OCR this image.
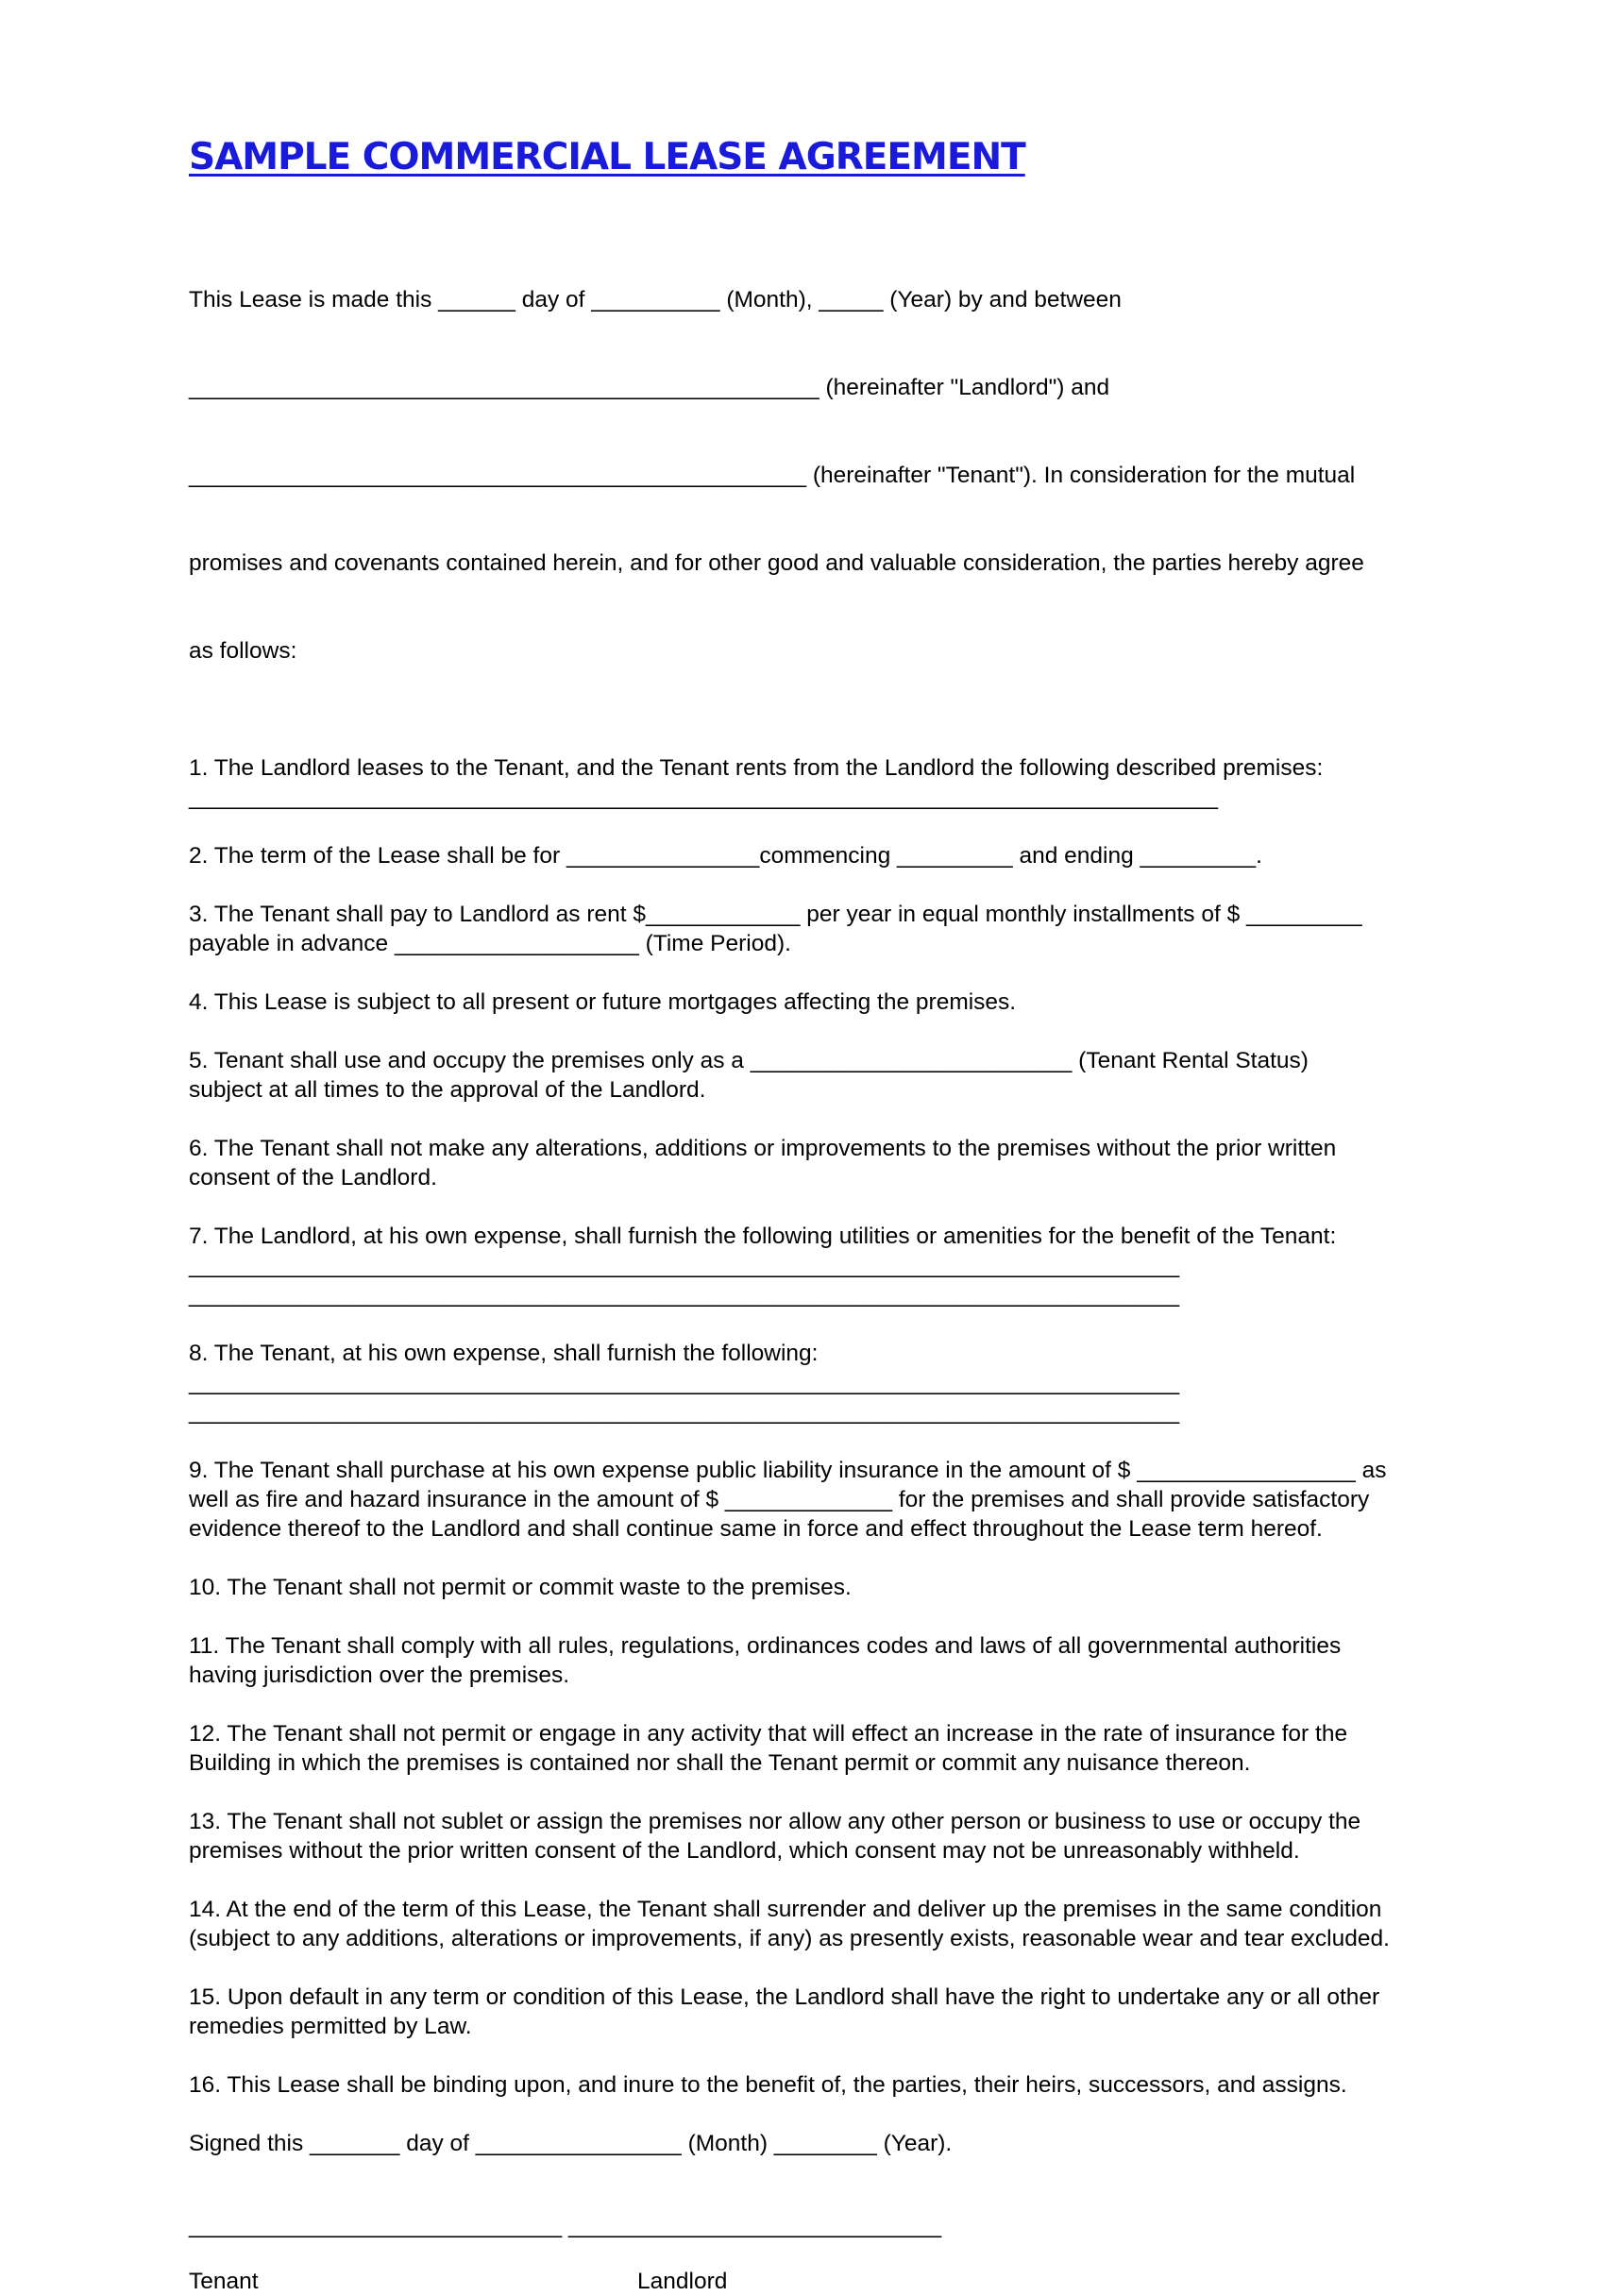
SAMPLE COMMERCIAL LEASE AGREEMENT

This Lease is made this ______ day of __________ (Month), _____ (Year) by and between

_________________________________________________ (hereinafter "Landlord") and

________________________________________________ (hereinafter "Tenant"). In consideration for the mutual

promises and covenants contained herein, and for other good and valuable consideration, the parties hereby agree

as follows:

1. The Landlord leases to the Tenant, and the Tenant rents from the Landlord the following described premises:
________________________________________________________________________________
2. The term of the Lease shall be for _______________commencing _________ and ending _________.
3. The Tenant shall pay to Landlord as rent $____________ per year in equal monthly installments of $ _________
payable in advance ___________________ (Time Period).
4. This Lease is subject to all present or future mortgages affecting the premises.
5. Tenant shall use and occupy the premises only as a _________________________ (Tenant Rental Status)
subject at all times to the approval of the Landlord.
6. The Tenant shall not make any alterations, additions or improvements to the premises without the prior written
consent of the Landlord.
7. The Landlord, at his own expense, shall furnish the following utilities or amenities for the benefit of the Tenant:
_____________________________________________________________________________
_____________________________________________________________________________
8. The Tenant, at his own expense, shall furnish the following:
_____________________________________________________________________________
_____________________________________________________________________________
9. The Tenant shall purchase at his own expense public liability insurance in the amount of $ _________________ as
well as fire and hazard insurance in the amount of $ _____________ for the premises and shall provide satisfactory
evidence thereof to the Landlord and shall continue same in force and effect throughout the Lease term hereof.
10. The Tenant shall not permit or commit waste to the premises.
11. The Tenant shall comply with all rules, regulations, ordinances codes and laws of all governmental authorities
having jurisdiction over the premises.
12. The Tenant shall not permit or engage in any activity that will effect an increase in the rate of insurance for the
Building in which the premises is contained nor shall the Tenant permit or commit any nuisance thereon.
13. The Tenant shall not sublet or assign the premises nor allow any other person or business to use or occupy the
premises without the prior written consent of the Landlord, which consent may not be unreasonably withheld.
14. At the end of the term of this Lease, the Tenant shall surrender and deliver up the premises in the same condition
(subject to any additions, alterations or improvements, if any) as presently exists, reasonable wear and tear excluded.
15. Upon default in any term or condition of this Lease, the Landlord shall have the right to undertake any or all other
remedies permitted by Law.
16. This Lease shall be binding upon, and inure to the benefit of, the parties, their heirs, successors, and assigns.
Signed this _______ day of ________________ (Month) ________ (Year).
_____________________________ _____________________________
Tenant	Landlord
